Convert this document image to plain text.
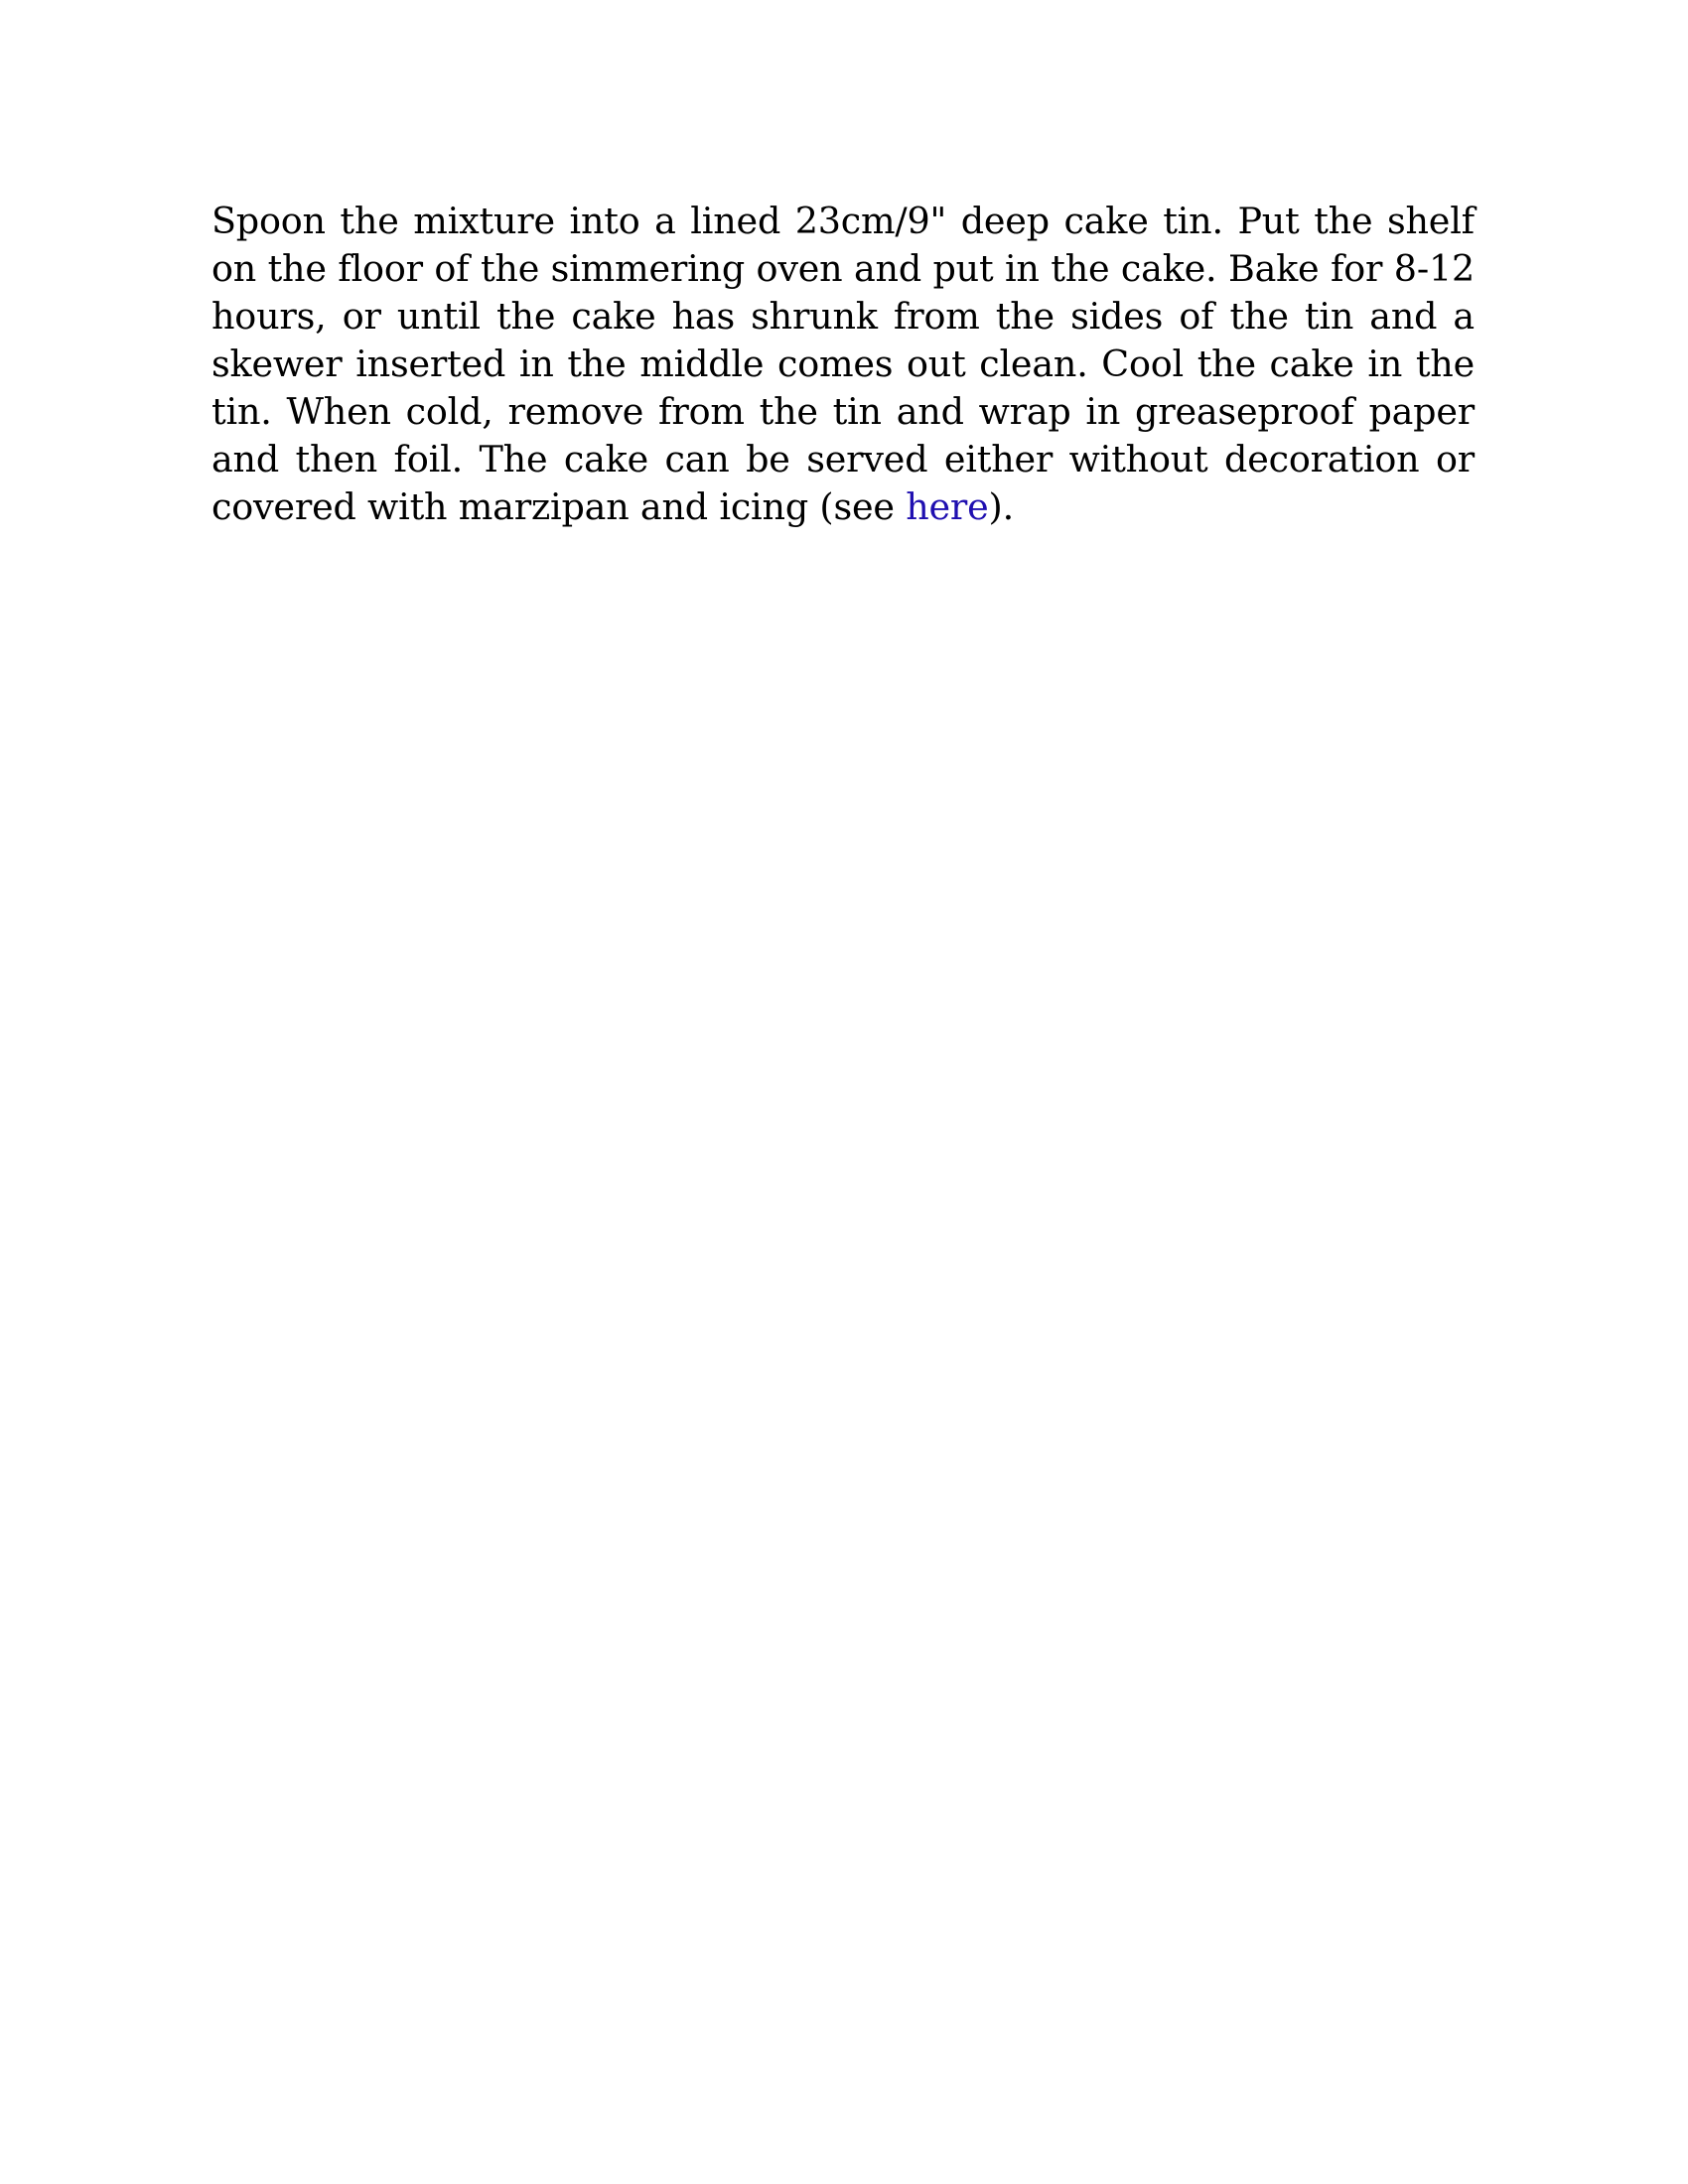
Spoon the mixture into a lined 23cm/9" deep cake tin. Put the shelf on the floor of the simmering oven and put in the cake. Bake for 8-12 hours, or until the cake has shrunk from the sides of the tin and a skewer inserted in the middle comes out clean. Cool the cake in the tin. When cold, remove from the tin and wrap in greaseproof paper and then foil. The cake can be served either without decoration or covered with marzipan and icing (see here).
